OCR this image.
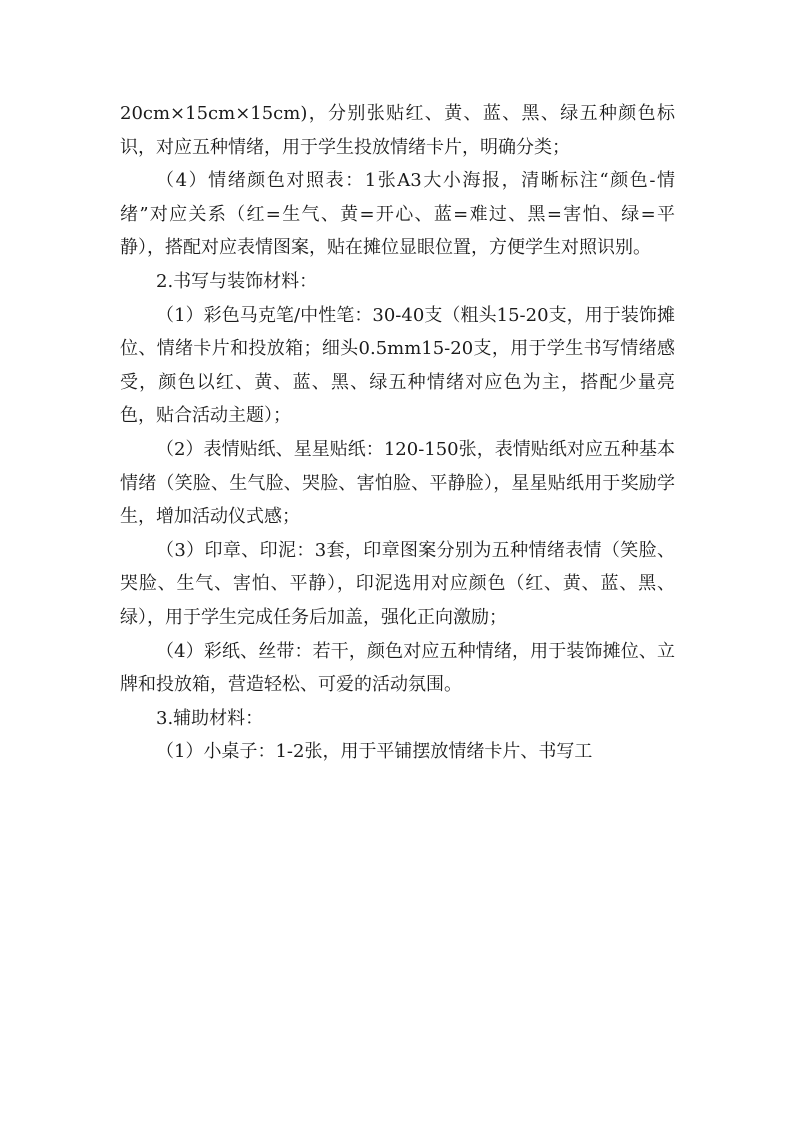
20cm×15cm×15cm)，分别张贴红、黄、蓝、黑、绿五种颜色标识，对应五种情绪，用于学生投放情绪卡片，明确分类；

（4）情绪颜色对照表：1张A3大小海报，清晰标注“颜色-情绪”对应关系（红=生气、黄=开心、蓝=难过、黑=害怕、绿=平静），搭配对应表情图案，贴在摊位显眼位置，方便学生对照识别。

2.书写与装饰材料：

（1）彩色马克笔/中性笔：30-40支（粗头15-20支，用于装饰摊位、情绪卡片和投放箱；细头0.5mm15-20支，用于学生书写情绪感受，颜色以红、黄、蓝、黑、绿五种情绪对应色为主，搭配少量亮色，贴合活动主题）；

（2）表情贴纸、星星贴纸：120-150张，表情贴纸对应五种基本情绪（笑脸、生气脸、哭脸、害怕脸、平静脸），星星贴纸用于奖励学生，增加活动仪式感；

（3）印章、印泥：3套，印章图案分别为五种情绪表情（笑脸、哭脸、生气、害怕、平静），印泥选用对应颜色（红、黄、蓝、黑、绿），用于学生完成任务后加盖，强化正向激励；

（4）彩纸、丝带：若干，颜色对应五种情绪，用于装饰摊位、立牌和投放箱，营造轻松、可爱的活动氛围。

3.辅助材料：

（1）小桌子：1-2张，用于平铺摆放情绪卡片、书写工
